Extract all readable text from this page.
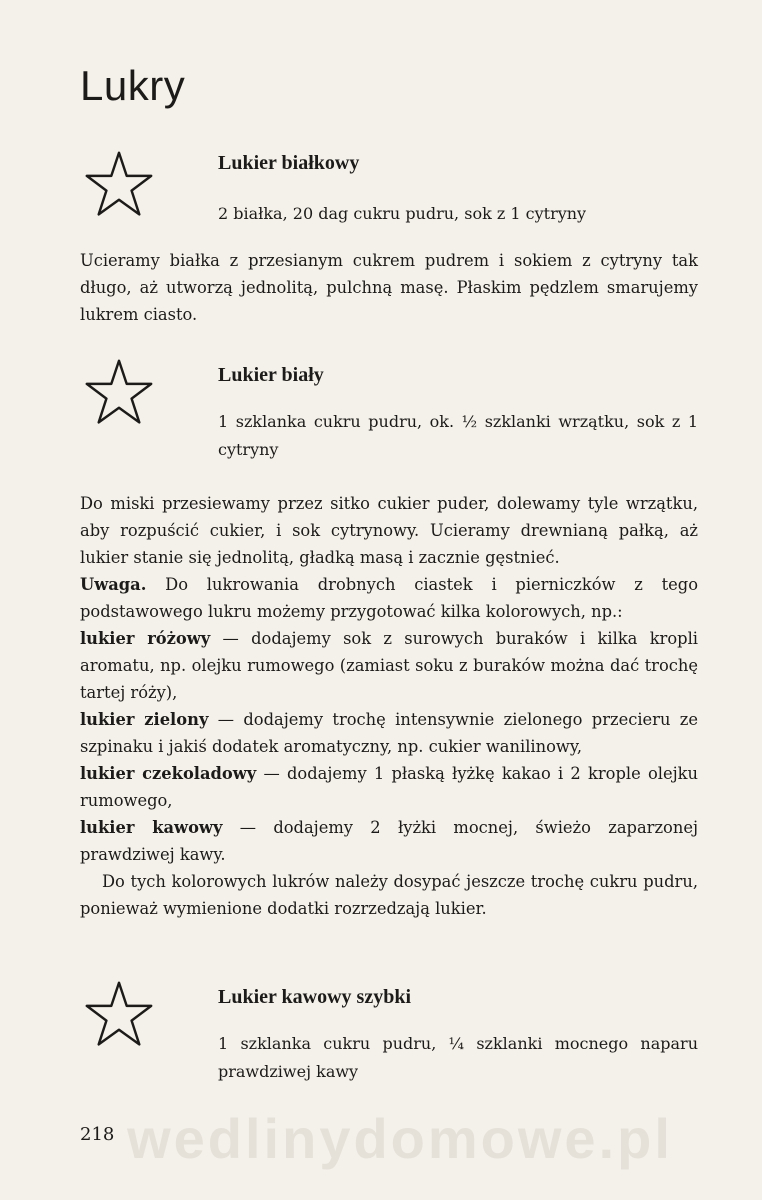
wedlinydomowe.pl
Lukry
Lukier białkowy

2 białka, 20 dag cukru pudru, sok z 1 cytryny

Ucieramy białka z przesianym cukrem pudrem i sokiem z cytryny tak długo, aż utworzą jednolitą, pulchną masę. Płaskim pędzlem smarujemy lukrem ciasto.

Lukier biały

1 szklanka cukru pudru, ok. ½ szklanki wrzątku, sok z 1 cytryny

Do miski przesiewamy przez sitko cukier puder, dolewamy tyle wrzątku, aby rozpuścić cukier, i sok cytrynowy. Ucieramy drewnianą pałką, aż lukier stanie się jednolitą, gładką masą i zacznie gęstnieć.

Uwaga. Do lukrowania drobnych ciastek i pierniczków z tego podstawowego lukru możemy przygotować kilka kolorowych, np.:

lukier różowy — dodajemy sok z surowych buraków i kilka kropli aromatu, np. olejku rumowego (zamiast soku z buraków można dać trochę tartej róży),

lukier zielony — dodajemy trochę intensywnie zielonego przecieru ze szpinaku i jakiś dodatek aromatyczny, np. cukier wanilinowy,

lukier czekoladowy — dodajemy 1 płaską łyżkę kakao i 2 krople olejku rumowego,

lukier kawowy — dodajemy 2 łyżki mocnej, świeżo zaparzonej prawdziwej kawy.

Do tych kolorowych lukrów należy dosypać jeszcze trochę cukru pudru, ponieważ wymienione dodatki rozrzedzają lukier.

Lukier kawowy szybki

1 szklanka cukru pudru, ¼ szklanki mocnego naparu prawdziwej kawy

218
